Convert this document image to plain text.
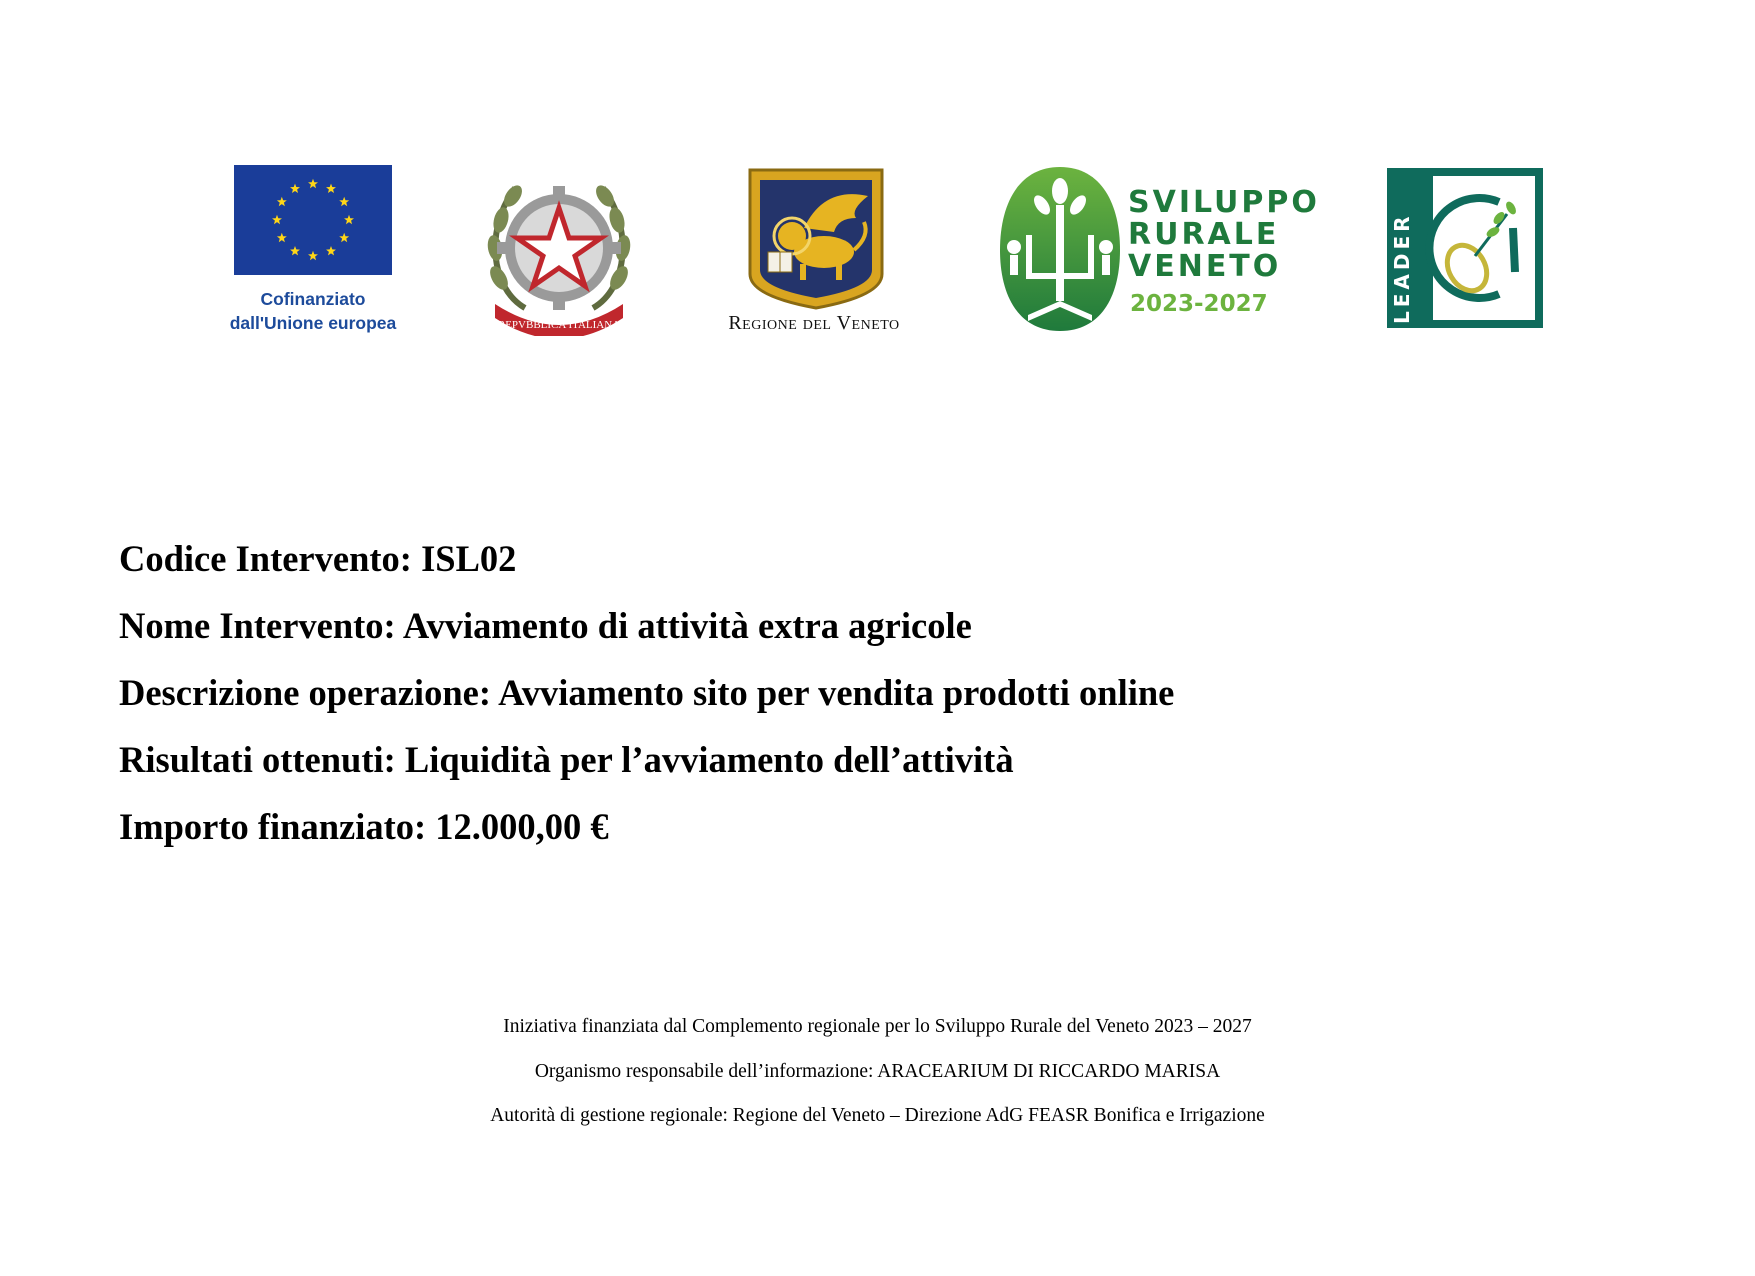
Cofinanziato
dall'Unione europea	REPVBBLICA ITALIANA	Regione del Veneto
SVILUPPO
RURALE
VENETO
2023-2027	LEADER
Codice Intervento: ISL02
Nome Intervento: Avviamento di attività extra agricole
Descrizione operazione: Avviamento sito per vendita prodotti online
Risultati ottenuti: Liquidità per l’avviamento dell’attività
Importo finanziato: 12.000,00 €
Iniziativa finanziata dal Complemento regionale per lo Sviluppo Rurale del Veneto 2023 – 2027
Organismo responsabile dell’informazione: ARACEARIUM DI RICCARDO MARISA
Autorità di gestione regionale: Regione del Veneto – Direzione AdG FEASR Bonifica e Irrigazione
